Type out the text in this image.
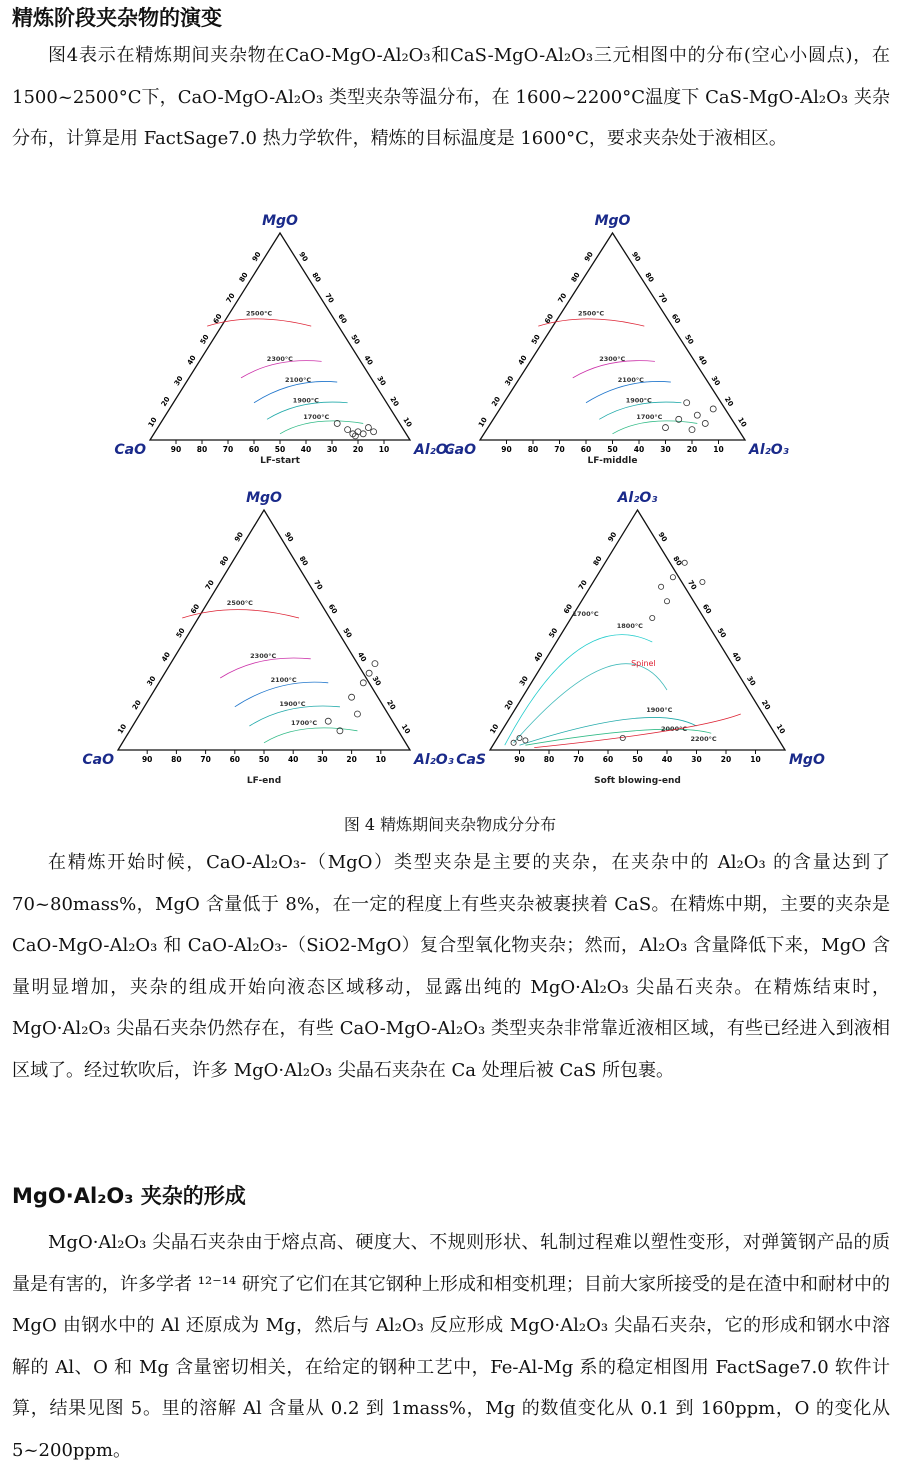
精炼阶段夹杂物的演变

图4表示在精炼期间夹杂物在CaO-MgO-Al₂O₃和CaS-MgO-Al₂O₃三元相图中的分布(空心小圆点)，在 1500~2500°C下，CaO-MgO-Al₂O₃ 类型夹杂等温分布，在 1600~2200°C温度下 CaS-MgO-Al₂O₃ 夹杂分布，计算是用 FactSage7.0 热力学软件，精炼的目标温度是 1600°C，要求夹杂处于液相区。

MgO
CaO	Al₂O₃
LF-start
90
10
90
80
20
80
70
30
70
60
40
60
50
50	50
40
60
40
30
70
30
20
80
20
10
90
10
2500°C
2300°C
2100°C
1900°C
1700°C
MgO
CaO	Al₂O₃
LF-middle
90
10
90
80
20
80
70
30
70
60
40
60
50
50	50
40
60
40
30
70
30
20
80
20
10
90
10
2500°C
2300°C
2100°C
1900°C
1700°C
MgO
CaO	Al₂O₃
LF-end
90
10
90
80
20
80
70
30
70
60
40
60
50
50	50
40
60
40
30
70
30
20
80
20
10
90
10
2500°C
2300°C
2100°C
1900°C
1700°C
Al₂O₃
CaS	MgO
Soft blowing-end
90
10
90
80
20
80
70
30
70
60
40
60
50
50	50
40
60
40
30
70
30
20
80
20
10
90
10
1700°C
1800°C
1900°C
2000°C
2200°C
Spinel
图 4 精炼期间夹杂物成分分布

在精炼开始时候，CaO-Al₂O₃-（MgO）类型夹杂是主要的夹杂，在夹杂中的 Al₂O₃ 的含量达到了 70~80mass%，MgO 含量低于 8%，在一定的程度上有些夹杂被裹挟着 CaS。在精炼中期，主要的夹杂是 CaO-MgO-Al₂O₃ 和 CaO-Al₂O₃-（SiO2-MgO）复合型氧化物夹杂；然而，Al₂O₃ 含量降低下来，MgO 含量明显增加，夹杂的组成开始向液态区域移动，显露出纯的 MgO·Al₂O₃ 尖晶石夹杂。在精炼结束时，MgO·Al₂O₃ 尖晶石夹杂仍然存在，有些 CaO-MgO-Al₂O₃ 类型夹杂非常靠近液相区域，有些已经进入到液相区域了。经过软吹后，许多 MgO·Al₂O₃ 尖晶石夹杂在 Ca 处理后被 CaS 所包裹。

MgO·Al₂O₃ 夹杂的形成

MgO·Al₂O₃ 尖晶石夹杂由于熔点高、硬度大、不规则形状、轧制过程难以塑性变形，对弹簧钢产品的质量是有害的，许多学者 ¹²⁻¹⁴ 研究了它们在其它钢种上形成和相变机理；目前大家所接受的是在渣中和耐材中的 MgO 由钢水中的 Al 还原成为 Mg，然后与 Al₂O₃ 反应形成 MgO·Al₂O₃ 尖晶石夹杂，它的形成和钢水中溶解的 Al、O 和 Mg 含量密切相关，在给定的钢种工艺中，Fe-Al-Mg 系的稳定相图用 FactSage7.0 软件计算，结果见图 5。里的溶解 Al 含量从 0.2 到 1mass%，Mg 的数值变化从 0.1 到 160ppm，O 的变化从 5~200ppm。
